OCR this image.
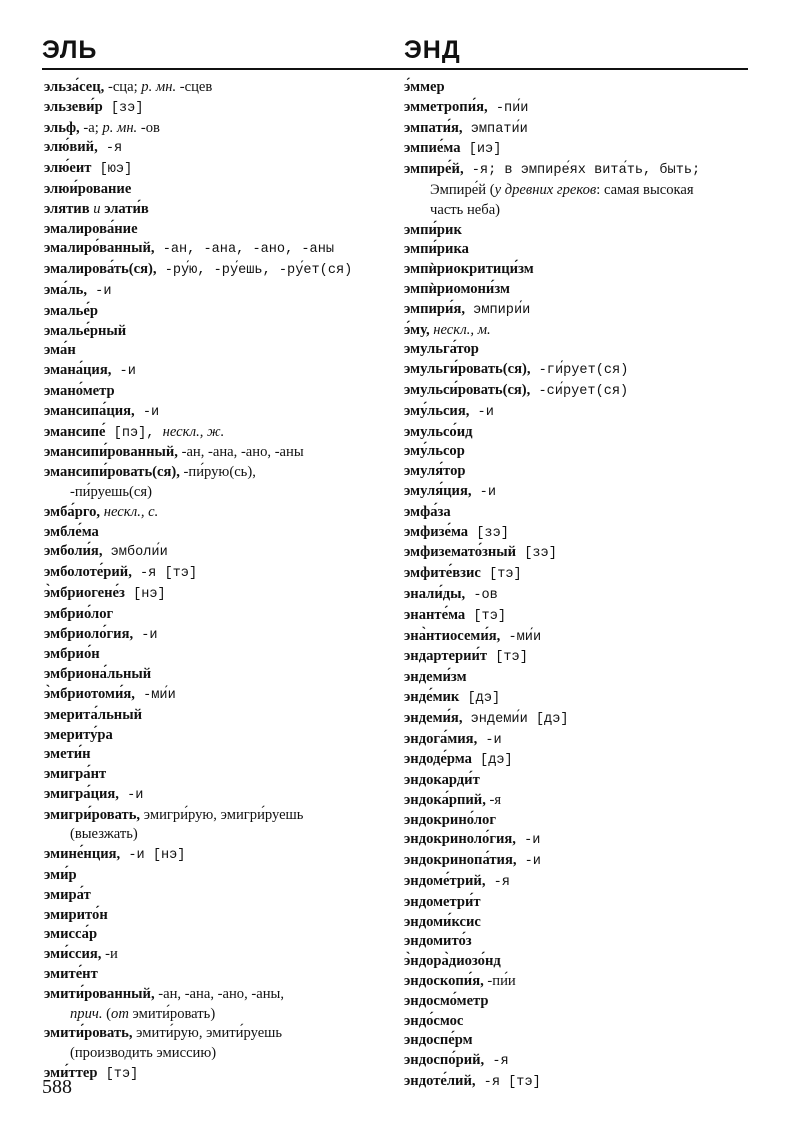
ЭЛЬ	ЭНД
эльза́сец, -сца; р. мн. -сцев
эльзеви́р [зэ]
эльф, -а; р. мн. -ов
элю́вий, -я
элю́еит [юэ]
элюи́рование
элятив и элати́в
эмалирова́ние
эмалиро́ванный, -ан, -ана, -ано, -аны
эмалирова́ть(ся), -ру́ю, -ру́ешь, -ру́ет(ся)
эма́ль, -и
эмалье́р
эмалье́рный
эма́н
эмана́ция, -и
эмано́метр
эмансипа́ция, -и
эмансипе́ [пэ], нескл., ж.
эмансипи́рованный, -ан, -ана, -ано, -аны
эмансипи́ровать(ся), -пи́рую(сь),
-пи́руешь(ся)
эмба́рго, нескл., с.
эмбле́ма
эмболи́я, эмболи́и
эмболоте́рий, -я [тэ]
э̀мбриогене́з [нэ]
эмбрио́лог
эмбриоло́гия, -и
эмбрио́н
эмбриона́льный
э̀мбриотоми́я, -ми́и
эмерита́льный
эмериту́ра
эмети́н
эмигра́нт
эмигра́ция, -и
эмигри́ровать, эмигри́рую, эмигри́руешь
(выезжать)
эмине́нция, -и [нэ]
эми́р
эмира́т
эмирито́н
эмисса́р
эми́ссия, -и
эмите́нт
эмити́рованный, -ан, -ана, -ано, -аны,
прич. (от эмити́ровать)
эмити́ровать, эмити́рую, эмити́руешь
(производить эмиссию)
эми́ттер [тэ]
э́ммер
эмметропи́я, -пи́и
эмпати́я, эмпати́и
эмпие́ма [иэ]
эмпире́й, -я; в эмпире́ях вита́ть, быть;
Эмпире́й (у древних греков: самая высокая
часть неба)
эмпи́рик
эмпи́рика
эмпѝриокритици́зм
эмпѝриомони́зм
эмпири́я, эмпири́и
э́му, нескл., м.
эмульга́тор
эмульги́ровать(ся), -ги́рует(ся)
эмульси́ровать(ся), -си́рует(ся)
эму́льсия, -и
эмульсо́ид
эму́льсор
эмуля́тор
эмуля́ция, -и
эмфа́за
эмфизе́ма [зэ]
эмфиземато́зный [зэ]
эмфите́взис [тэ]
энали́ды, -ов
энанте́ма [тэ]
эна̀нтиосеми́я, -ми́и
эндартерии́т [тэ]
эндеми́зм
энде́мик [дэ]
эндеми́я, эндеми́и [дэ]
эндога́мия, -и
эндоде́рма [дэ]
эндокарди́т
эндока́рпий, -я
эндокрино́лог
эндокриноло́гия, -и
эндокринопа́тия, -и
эндоме́трий, -я
эндометри́т
эндоми́ксис
эндомито́з
э̀ндора̀диозо́нд
эндоскопи́я, -пи́и
эндосмо́метр
эндо́смос
эндоспе́рм
эндоспо́рий, -я
эндоте́лий, -я [тэ]
588
